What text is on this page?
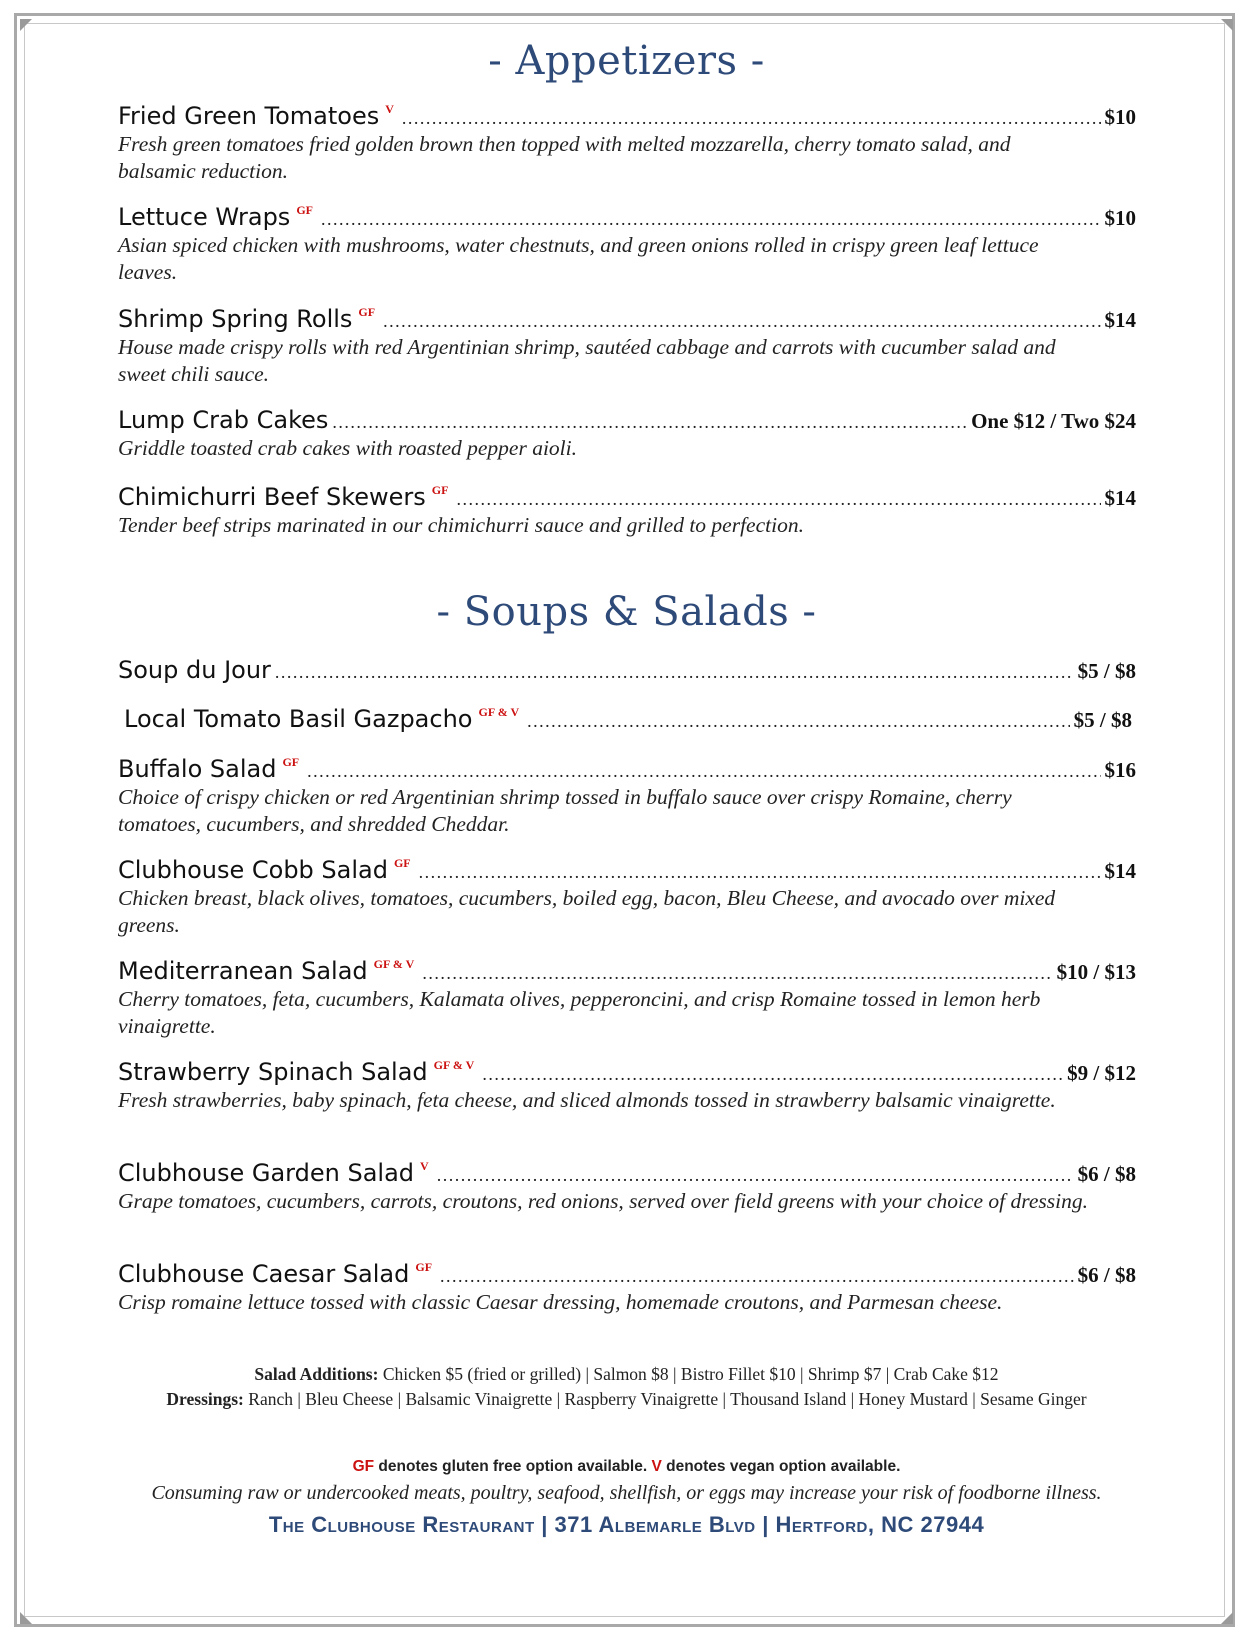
- Appetizers -
Fried Green Tomatoes V .....	$10
Fresh green tomatoes fried golden brown then topped with melted mozzarella, cherry tomato salad, and balsamic reduction.
Lettuce Wraps GF .....	$10
Asian spiced chicken with mushrooms, water chestnuts, and green onions rolled in crispy green leaf lettuce leaves.
Shrimp Spring Rolls GF .....	$14
House made crispy rolls with red Argentinian shrimp, sautéed cabbage and carrots with cucumber salad and sweet chili sauce.
Lump Crab Cakes .....	One $12 / Two $24
Griddle toasted crab cakes with roasted pepper aioli.
Chimichurri Beef Skewers GF .....	$14
Tender beef strips marinated in our chimichurri sauce and grilled to perfection.
- Soups & Salads -
Soup du Jour .....	$5 / $8
Local Tomato Basil Gazpacho GF & V .....	$5 / $8
Buffalo Salad GF .....	$16
Choice of crispy chicken or red Argentinian shrimp tossed in buffalo sauce over crispy Romaine, cherry tomatoes, cucumbers, and shredded Cheddar.
Clubhouse Cobb Salad GF .....	$14
Chicken breast, black olives, tomatoes, cucumbers, boiled egg, bacon, Bleu Cheese, and avocado over mixed greens.
Mediterranean Salad GF & V .....	$10 / $13
Cherry tomatoes, feta, cucumbers, Kalamata olives, pepperoncini, and crisp Romaine tossed in lemon herb vinaigrette.
Strawberry Spinach Salad GF & V .....	$9 / $12
Fresh strawberries, baby spinach, feta cheese, and sliced almonds tossed in strawberry balsamic vinaigrette.
Clubhouse Garden Salad V .....	$6 / $8
Grape tomatoes, cucumbers, carrots, croutons, red onions, served over field greens with your choice of dressing.
Clubhouse Caesar Salad GF .....	$6 / $8
Crisp romaine lettuce tossed with classic Caesar dressing, homemade croutons, and Parmesan cheese.
Salad Additions: Chicken $5 (fried or grilled) | Salmon $8 | Bistro Fillet $10 | Shrimp $7 | Crab Cake $12
Dressings: Ranch | Bleu Cheese | Balsamic Vinaigrette | Raspberry Vinaigrette | Thousand Island | Honey Mustard | Sesame Ginger
GF denotes gluten free option available. V denotes vegan option available.
Consuming raw or undercooked meats, poultry, seafood, shellfish, or eggs may increase your risk of foodborne illness.
The Clubhouse Restaurant | 371 Albemarle Blvd | Hertford, NC 27944
